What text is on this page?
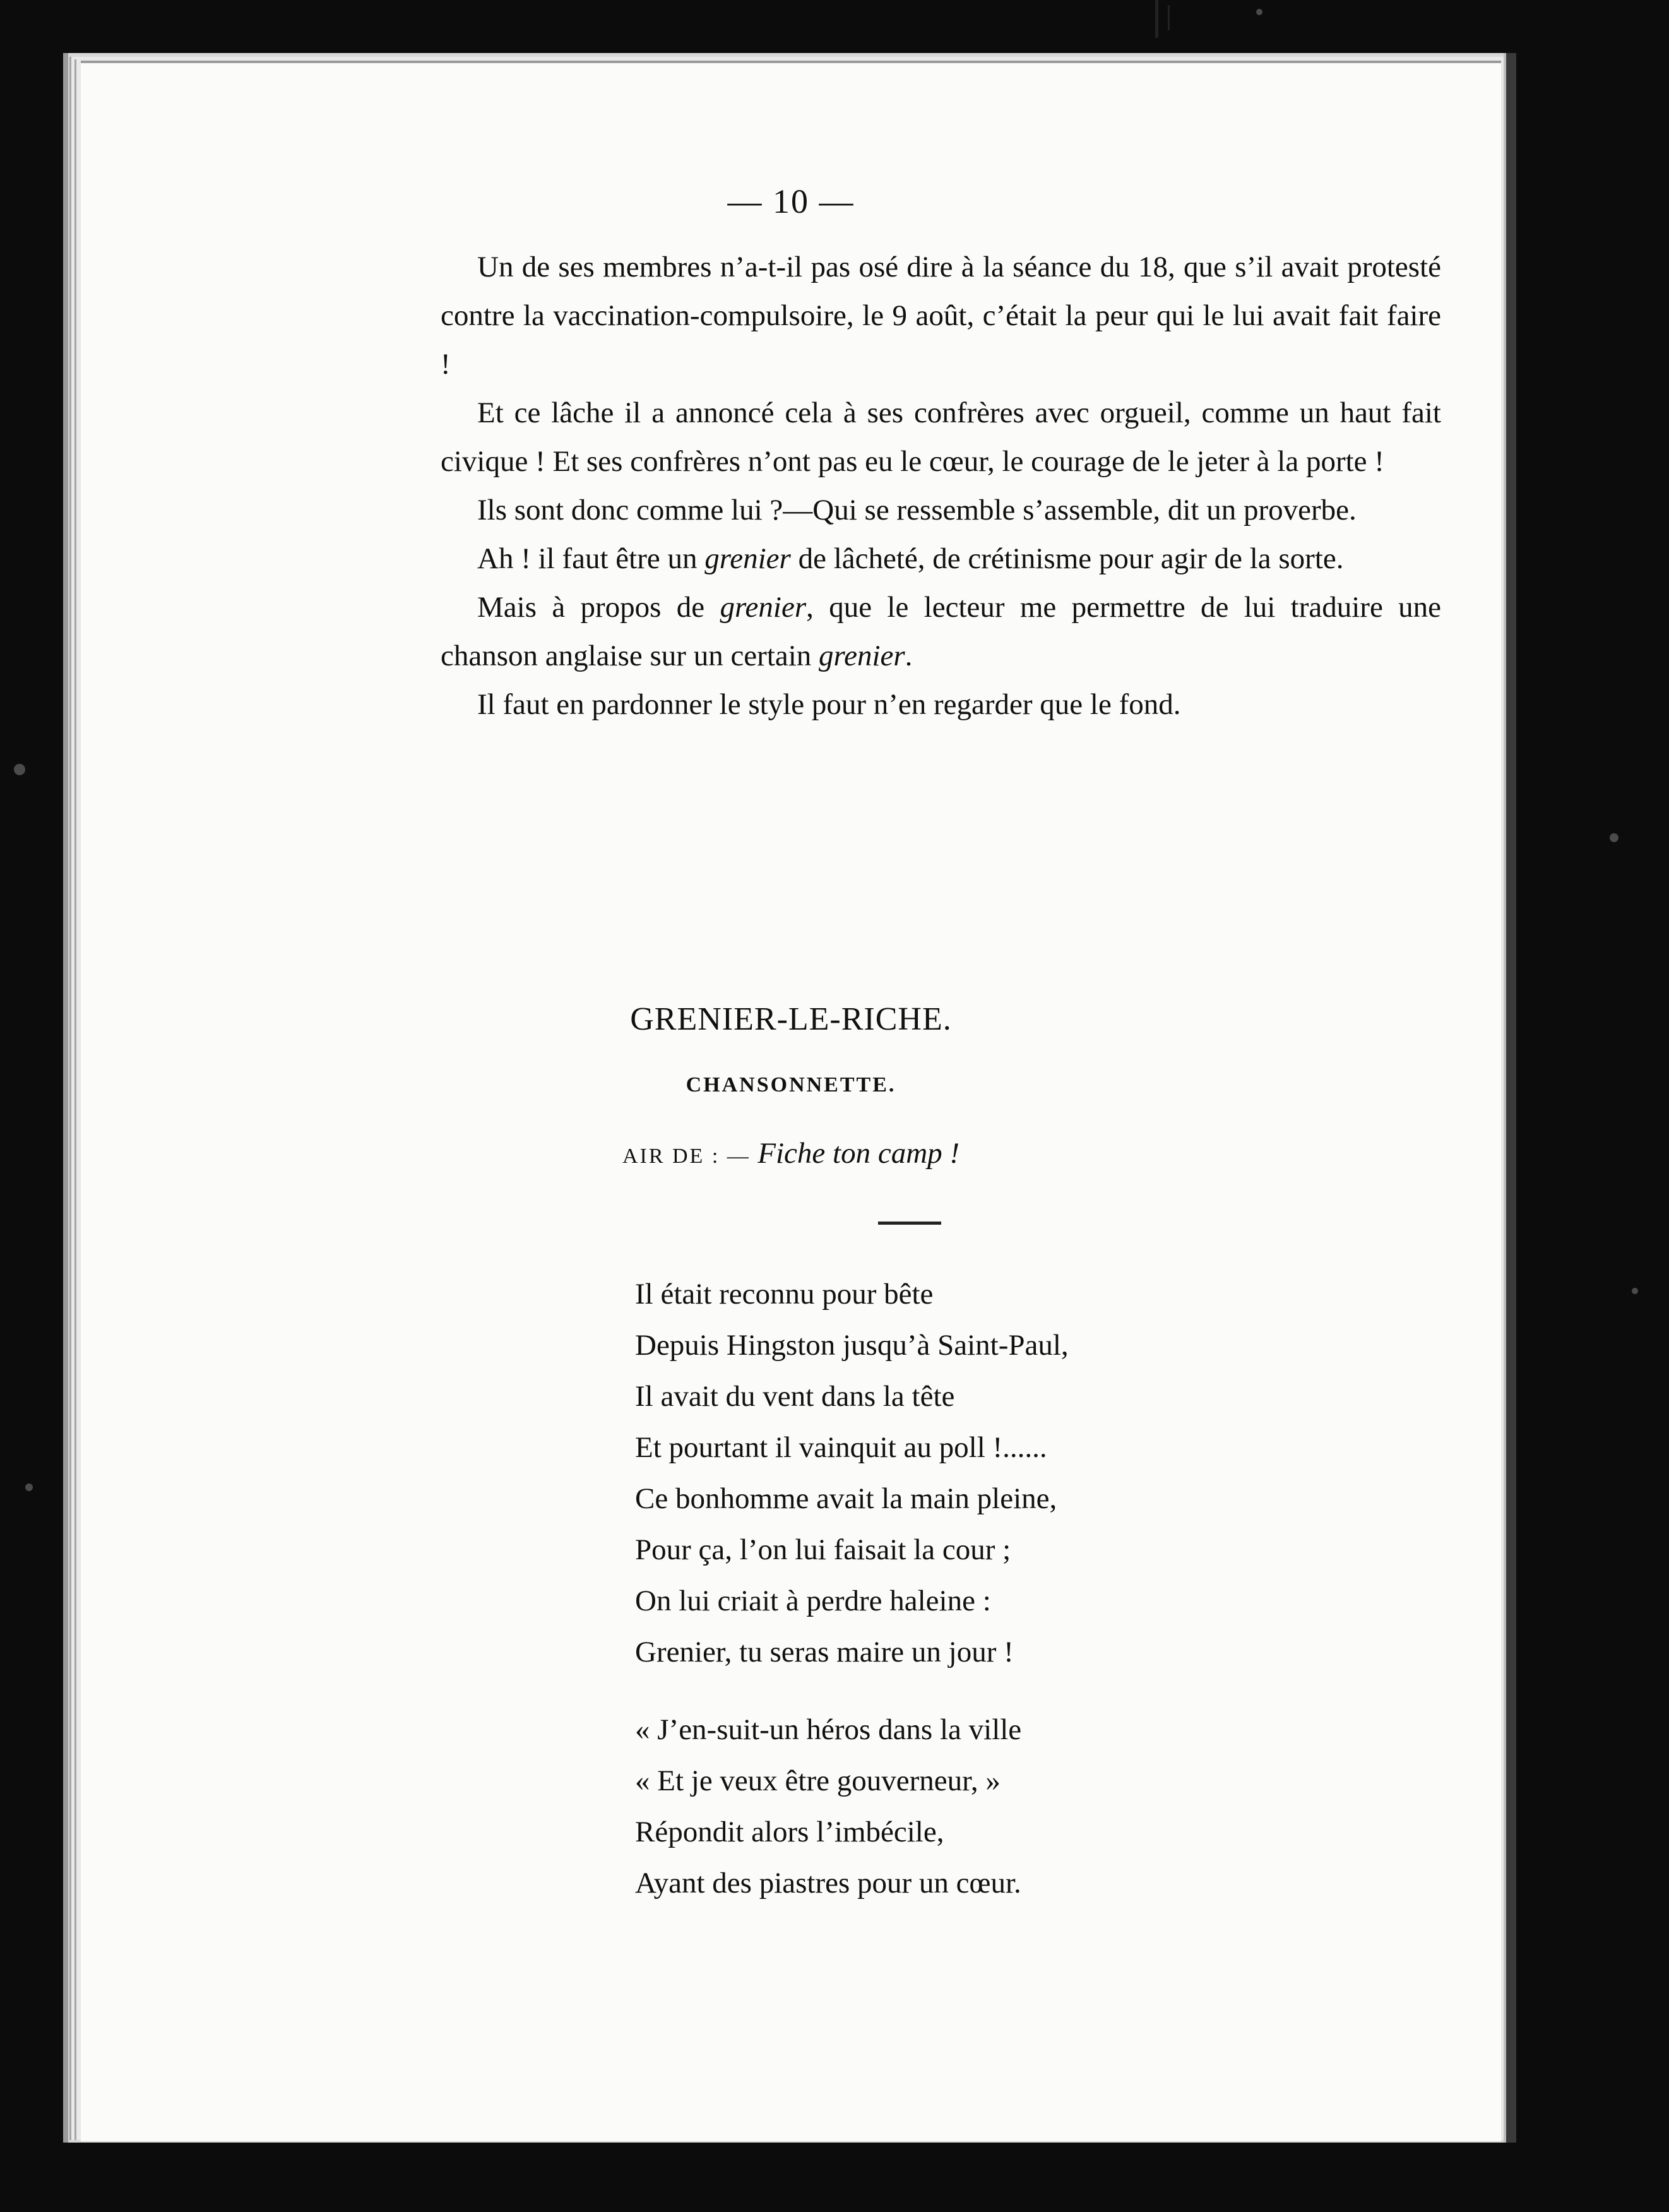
— 10 —

Un de ses membres n’a-t-il pas osé dire à la séance du 18, que s’il avait protesté contre la vaccination-compulsoire, le 9 août, c’était la peur qui le lui avait fait faire !

Et ce lâche il a annoncé cela à ses confrères avec orgueil, comme un haut fait civique ! Et ses confrères n’ont pas eu le cœur, le courage de le jeter à la porte !

Ils sont donc comme lui ?—Qui se ressemble s’assemble, dit un proverbe.

Ah ! il faut être un grenier de lâcheté, de crétinisme pour agir de la sorte.

Mais à propos de grenier, que le lecteur me permettre de lui traduire une chanson anglaise sur un certain grenier.

Il faut en pardonner le style pour n’en regarder que le fond.

GRENIER-LE-RICHE.
CHANSONNETTE.
AIR DE : — Fiche ton camp !
Il était reconnu pour bête
Depuis Hingston jusqu’à Saint-Paul,
Il avait du vent dans la tête
Et pourtant il vainquit au poll !......
Ce bonhomme avait la main pleine,
Pour ça, l’on lui faisait la cour ;
On lui criait à perdre haleine :
Grenier, tu seras maire un jour !
« J’en-suit-un héros dans la ville
« Et je veux être gouverneur, »
Répondit alors l’imbécile,
Ayant des piastres pour un cœur.
